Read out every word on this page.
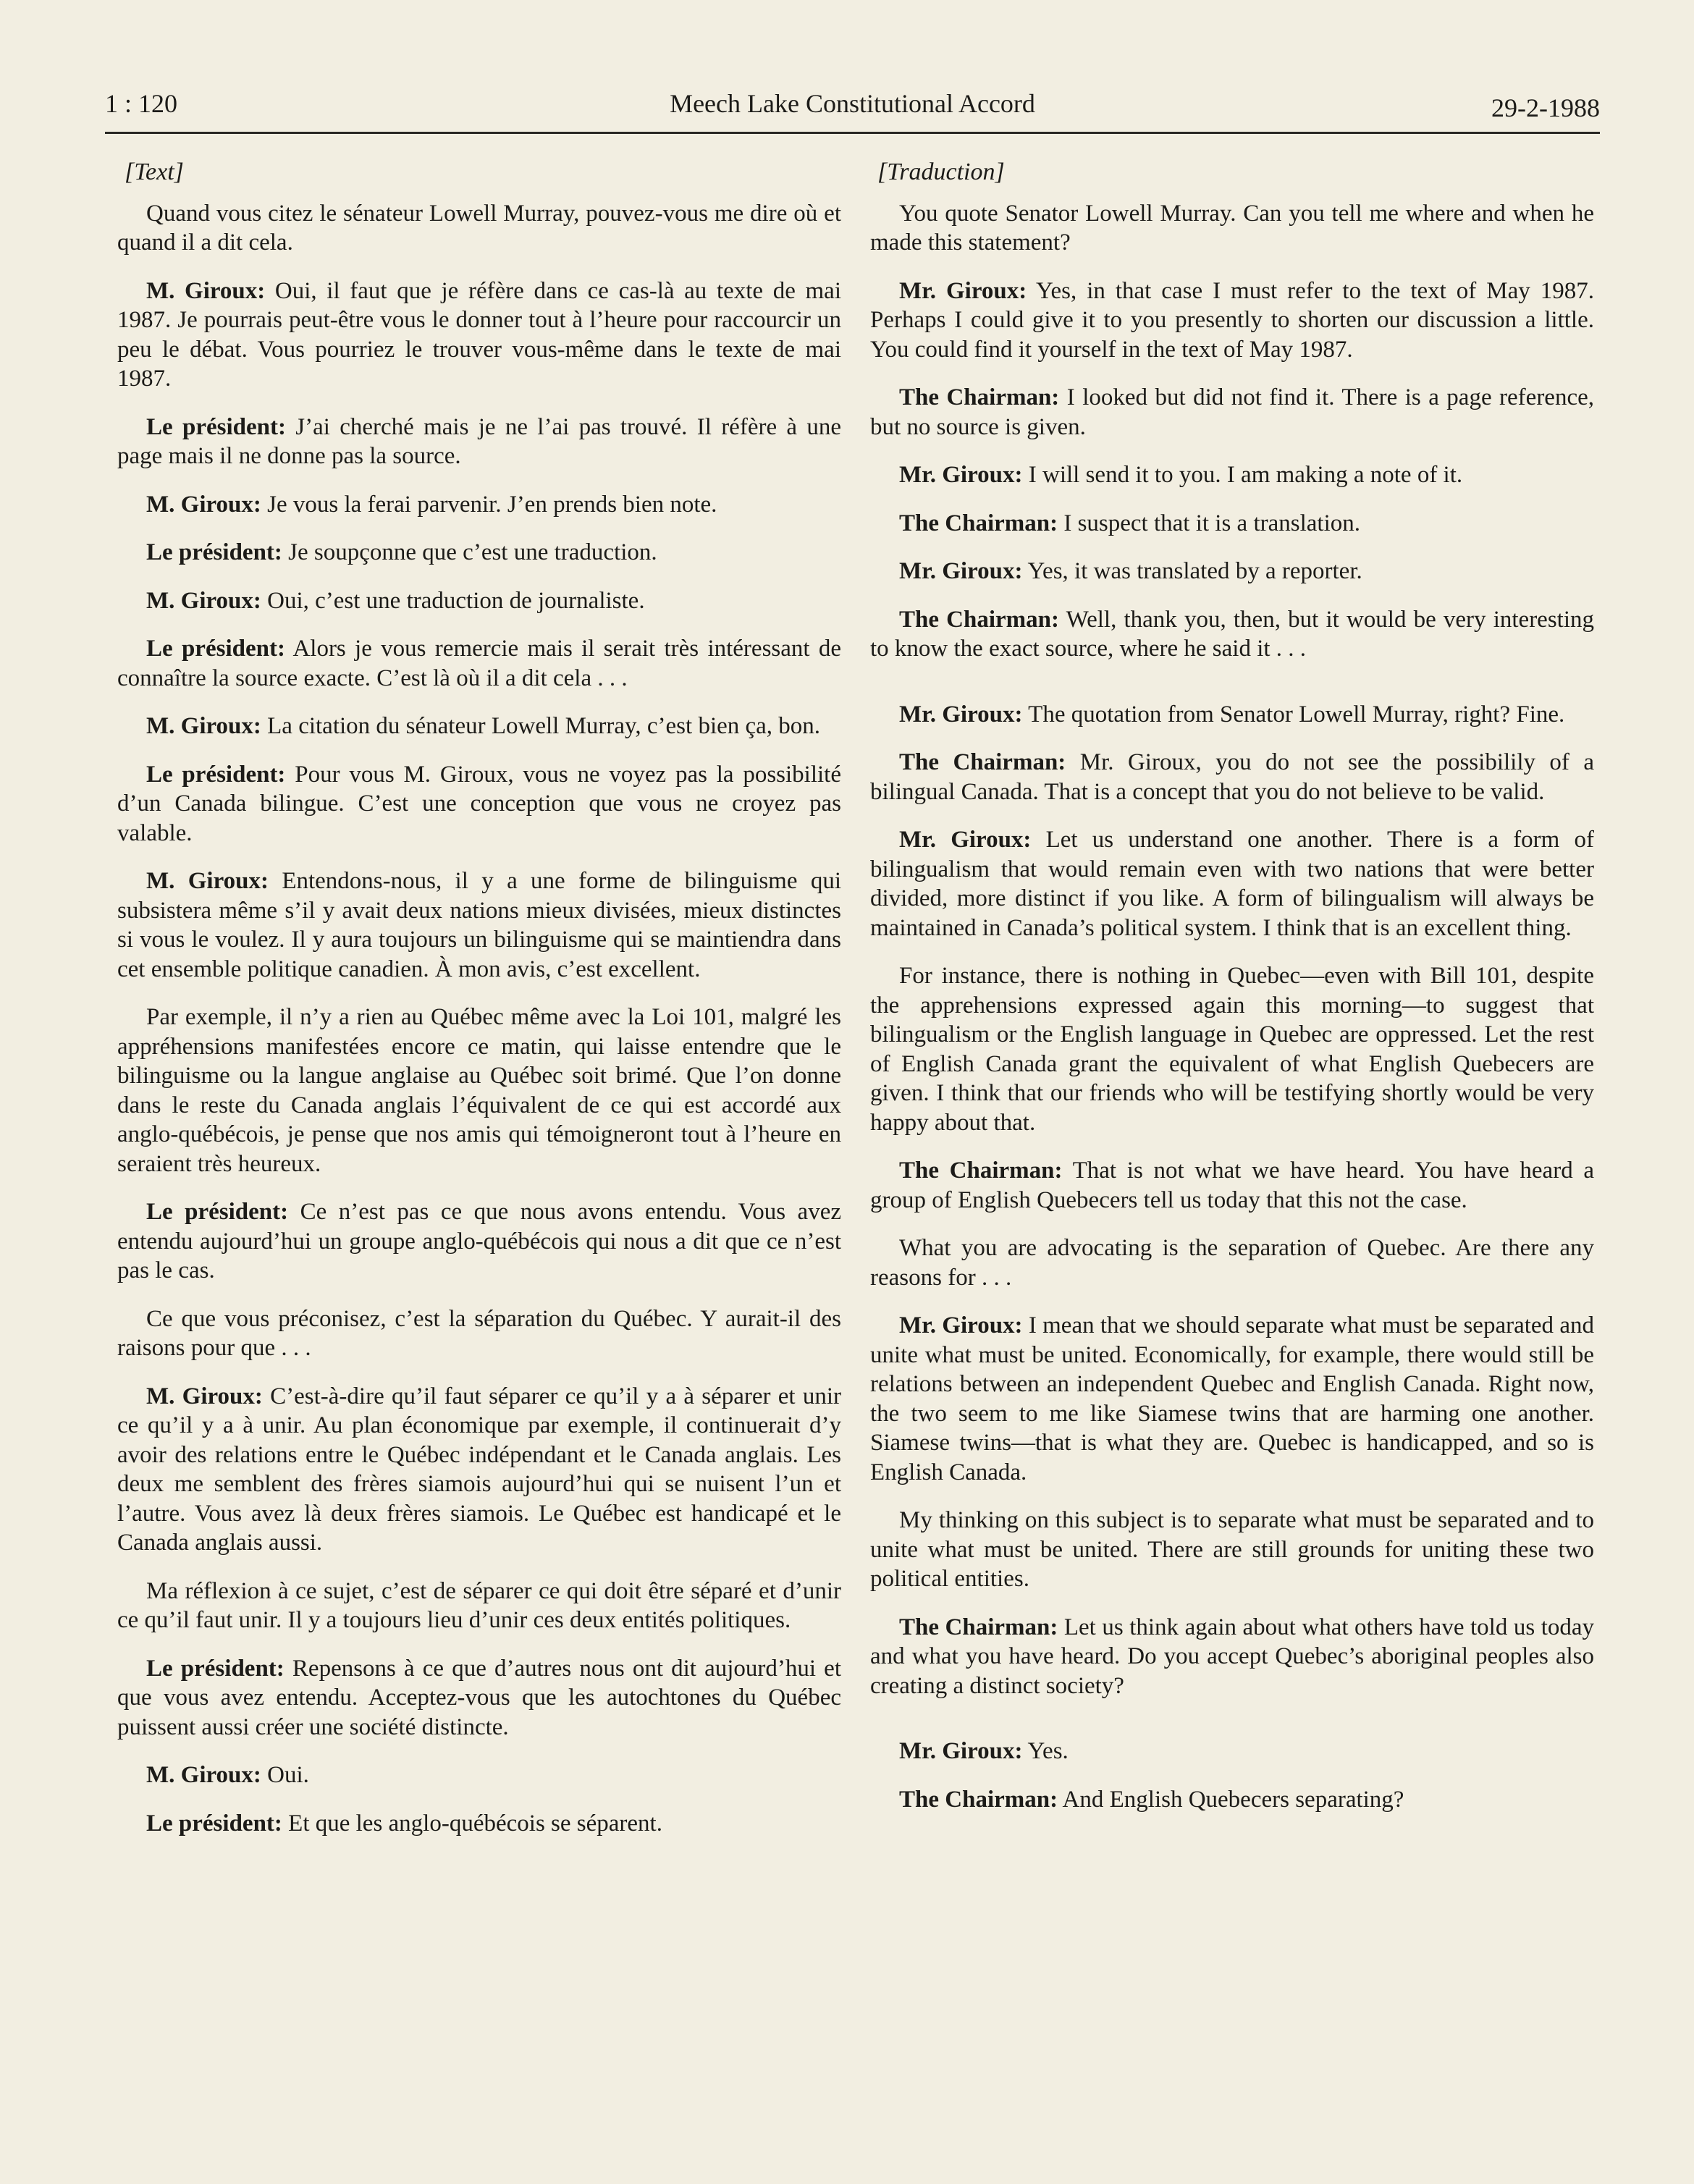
1 : 120	Meech Lake Constitutional Accord	29-2-1988
[Text]

Quand vous citez le sénateur Lowell Murray, pouvez-vous me dire où et quand il a dit cela.

M. Giroux: Oui, il faut que je réfère dans ce cas-là au texte de mai 1987. Je pourrais peut-être vous le donner tout à l’heure pour raccourcir un peu le débat. Vous pourriez le trouver vous-même dans le texte de mai 1987.

Le président: J’ai cherché mais je ne l’ai pas trouvé. Il réfère à une page mais il ne donne pas la source.

M. Giroux: Je vous la ferai parvenir. J’en prends bien note.

Le président: Je soupçonne que c’est une traduction.

M. Giroux: Oui, c’est une traduction de journaliste.

Le président: Alors je vous remercie mais il serait très intéressant de connaître la source exacte. C’est là où il a dit cela . . .

M. Giroux: La citation du sénateur Lowell Murray, c’est bien ça, bon.

Le président: Pour vous M. Giroux, vous ne voyez pas la possibilité d’un Canada bilingue. C’est une conception que vous ne croyez pas valable.

M. Giroux: Entendons-nous, il y a une forme de bilinguisme qui subsistera même s’il y avait deux nations mieux divisées, mieux distinctes si vous le voulez. Il y aura toujours un bilinguisme qui se maintiendra dans cet ensemble politique canadien. À mon avis, c’est excellent.

Par exemple, il n’y a rien au Québec même avec la Loi 101, malgré les appréhensions manifestées encore ce matin, qui laisse entendre que le bilinguisme ou la langue anglaise au Québec soit brimé. Que l’on donne dans le reste du Canada anglais l’équivalent de ce qui est accordé aux anglo-québécois, je pense que nos amis qui témoigneront tout à l’heure en seraient très heureux.

Le président: Ce n’est pas ce que nous avons entendu. Vous avez entendu aujourd’hui un groupe anglo-québécois qui nous a dit que ce n’est pas le cas.

Ce que vous préconisez, c’est la séparation du Québec. Y aurait-il des raisons pour que . . .

M. Giroux: C’est-à-dire qu’il faut séparer ce qu’il y a à séparer et unir ce qu’il y a à unir. Au plan économique par exemple, il continuerait d’y avoir des relations entre le Québec indépendant et le Canada anglais. Les deux me semblent des frères siamois aujourd’hui qui se nuisent l’un et l’autre. Vous avez là deux frères siamois. Le Québec est handicapé et le Canada anglais aussi.

Ma réflexion à ce sujet, c’est de séparer ce qui doit être séparé et d’unir ce qu’il faut unir. Il y a toujours lieu d’unir ces deux entités politiques.

Le président: Repensons à ce que d’autres nous ont dit aujourd’hui et que vous avez entendu. Acceptez-vous que les autochtones du Québec puissent aussi créer une société distincte.

M. Giroux: Oui.

Le président: Et que les anglo-québécois se séparent.

[Traduction]

You quote Senator Lowell Murray. Can you tell me where and when he made this statement?

Mr. Giroux: Yes, in that case I must refer to the text of May 1987. Perhaps I could give it to you presently to shorten our discussion a little. You could find it yourself in the text of May 1987.

The Chairman: I looked but did not find it. There is a page reference, but no source is given.

Mr. Giroux: I will send it to you. I am making a note of it.

The Chairman: I suspect that it is a translation.

Mr. Giroux: Yes, it was translated by a reporter.

The Chairman: Well, thank you, then, but it would be very interesting to know the exact source, where he said it . . .

Mr. Giroux: The quotation from Senator Lowell Murray, right? Fine.

The Chairman: Mr. Giroux, you do not see the possibilily of a bilingual Canada. That is a concept that you do not believe to be valid.

Mr. Giroux: Let us understand one another. There is a form of bilingualism that would remain even with two nations that were better divided, more distinct if you like. A form of bilingualism will always be maintained in Canada’s political system. I think that is an excellent thing.

For instance, there is nothing in Quebec—even with Bill 101, despite the apprehensions expressed again this morning—to suggest that bilingualism or the English language in Quebec are oppressed. Let the rest of English Canada grant the equivalent of what English Quebecers are given. I think that our friends who will be testifying shortly would be very happy about that.

The Chairman: That is not what we have heard. You have heard a group of English Quebecers tell us today that this not the case.

What you are advocating is the separation of Quebec. Are there any reasons for . . .

Mr. Giroux: I mean that we should separate what must be separated and unite what must be united. Economically, for example, there would still be relations between an independent Quebec and English Canada. Right now, the two seem to me like Siamese twins that are harming one another. Siamese twins—that is what they are. Quebec is handicapped, and so is English Canada.

My thinking on this subject is to separate what must be separated and to unite what must be united. There are still grounds for uniting these two political entities.

The Chairman: Let us think again about what others have told us today and what you have heard. Do you accept Quebec’s aboriginal peoples also creating a distinct society?

Mr. Giroux: Yes.

The Chairman: And English Quebecers separating?
